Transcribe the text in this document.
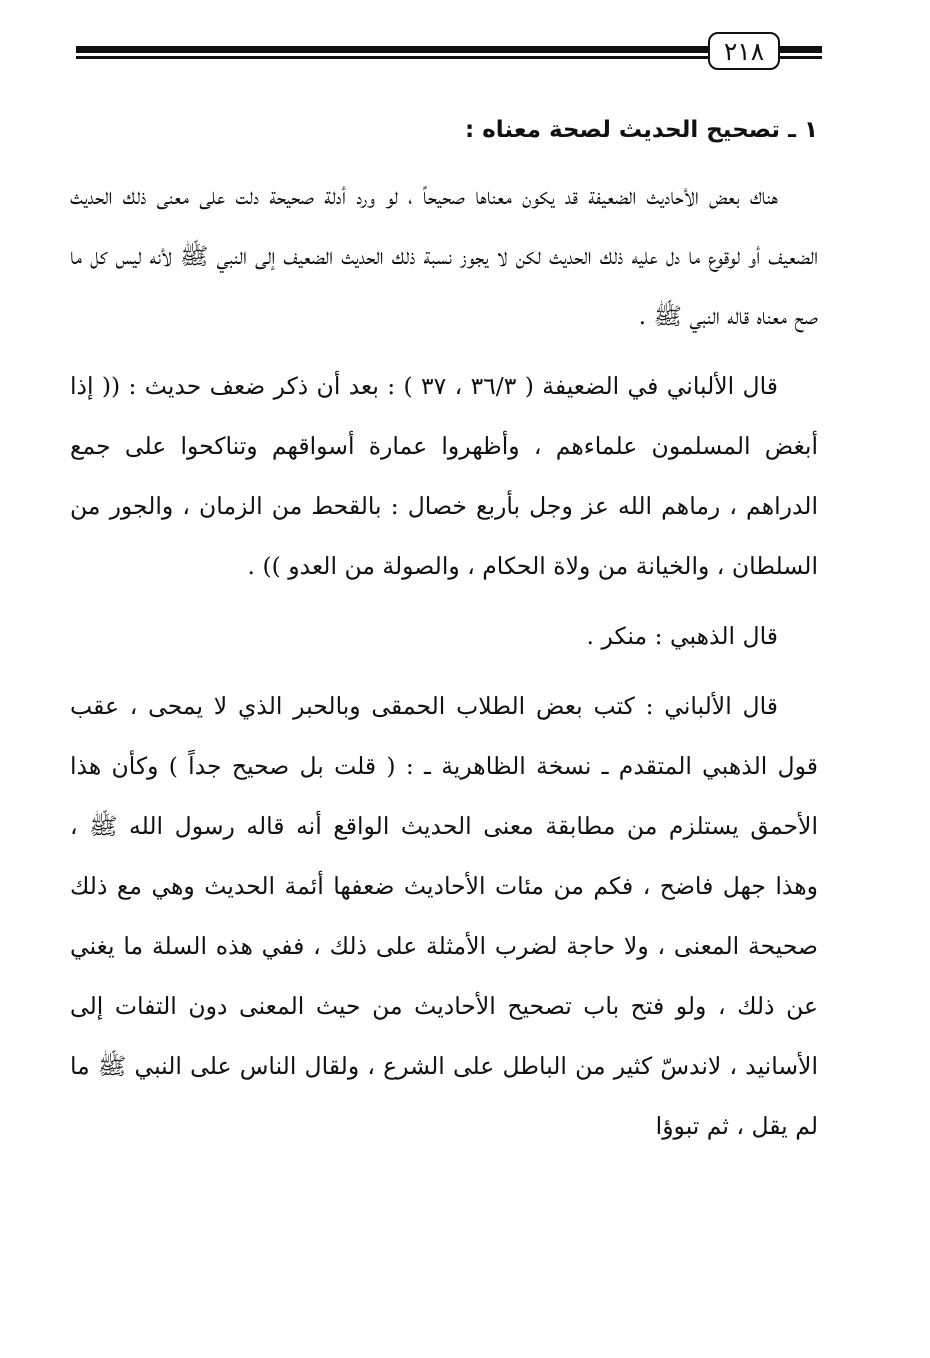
٢١٨
١ ـ تصحيح الحديث لصحة معناه :

هناك بعض الأحاديث الضعيفة قد يكون معناها صحيحاً ، لو ورد أدلة صحيحة دلت على معنى ذلك الحديث الضعيف أو لوقوع ما دل عليه ذلك الحديث لكن لا يجوز نسبة ذلك الحديث الضعيف إلى النبي ﷺ لأنه ليس كل ما صح معناه قاله النبي ﷺ .

قال الألباني في الضعيفة ( ٣٦/٣ ، ٣٧ ) : بعد أن ذكر ضعف حديث : (( إذا أبغض المسلمون علماءهم ، وأظهروا عمارة أسواقهم وتناكحوا على جمع الدراهم ، رماهم الله عز وجل بأربع خصال : بالقحط من الزمان ، والجور من السلطان ، والخيانة من ولاة الحكام ، والصولة من العدو )) .

قال الذهبي : منكر .

قال الألباني : كتب بعض الطلاب الحمقى وبالحبر الذي لا يمحى ، عقب قول الذهبي المتقدم ـ نسخة الظاهرية ـ : ( قلت بل صحيح جداً ) وكأن هذا الأحمق يستلزم من مطابقة معنى الحديث الواقع أنه قاله رسول الله ﷺ ، وهذا جهل فاضح ، فكم من مئات الأحاديث ضعفها أئمة الحديث وهي مع ذلك صحيحة المعنى ، ولا حاجة لضرب الأمثلة على ذلك ، ففي هذه السلة ما يغني عن ذلك ، ولو فتح باب تصحيح الأحاديث من حيث المعنى دون التفات إلى الأسانيد ، لاندسّ كثير من الباطل على الشرع ، ولقال الناس على النبي ﷺ ما لم يقل ، ثم تبوؤا
